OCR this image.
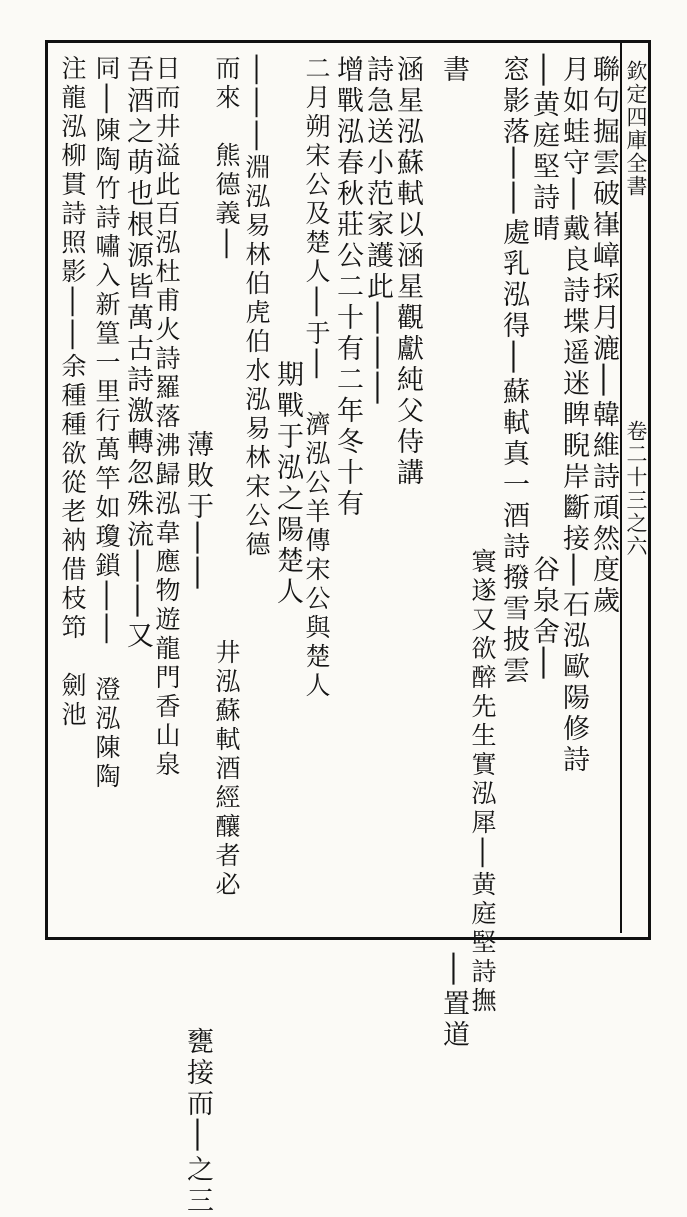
欽定四庫全書
卷二十三之六
聯句掘雲破嵂嶂採月漉│韓維詩頑然度歲
月如蛙守│戴良詩堞遥迷睥睨岸斷接│石泓歐陽修詩
│黄庭堅詩晴　　　　　　　　　　谷泉舍│
窓影落││處乳泓得│蘇軾真一酒詩撥雪披雲
　　　　　　　　　　　　　　　　　寰遂又欲醉先生實泓犀│黄庭堅詩撫
書　　　　　　　　　　　　　　　　　　　　　　　　　　　　│置道
涵星泓蘇軾以涵星觀獻純父侍講
詩急送小范家護此│││
增戰泓春秋莊公二十有二年冬十有
二月朔宋公及楚人│于│　濟泓公羊傳宋公與楚人
期戰于泓之陽楚人
│││淵泓易林伯虎伯水泓易林宋公德
而來　熊德義│　　　　　　　　　　　　　井泓蘇軾酒經釀者必
薄敗于││　　　　　　　　　　　　　　甕接而│之三
日而井溢此百泓杜甫火詩羅落沸歸泓韋應物遊龍門香山泉
吾酒之萌也根源皆萬古詩激轉忽殊流││又
同│陳陶竹詩嘯入新篁一里行萬竿如瓊鎖││　澄泓陳陶
注龍泓柳貫詩照影││余種種欲從老衲借枝笻　劍池
